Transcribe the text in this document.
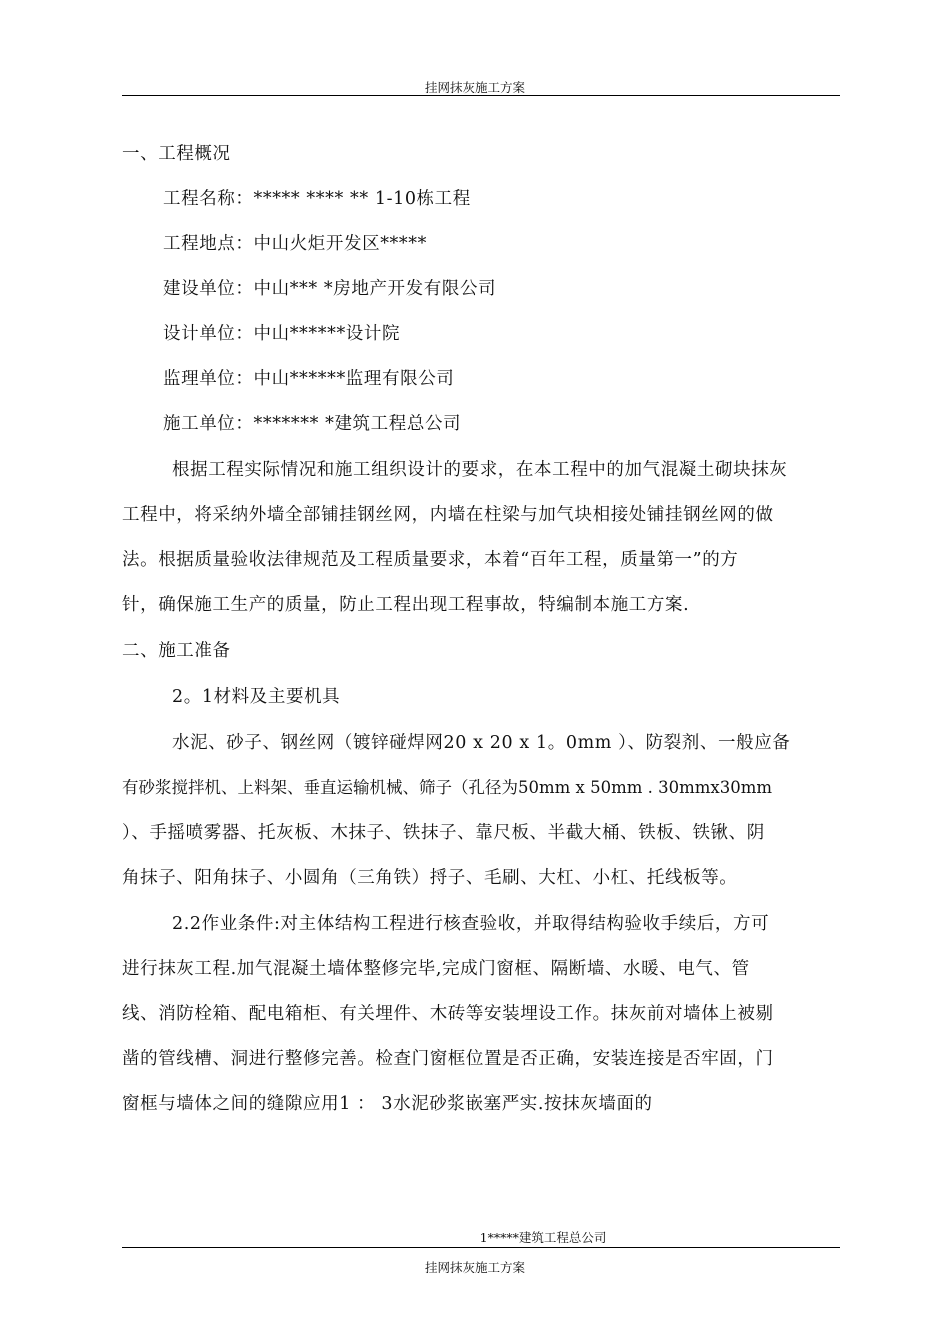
挂网抹灰施工方案
一、工程概况
工程名称：***** **** ** 1-10栋工程
工程地点：中山火炬开发区*****
建设单位：中山*** *房地产开发有限公司
设计单位：中山******设计院
监理单位：中山******监理有限公司
施工单位：******* *建筑工程总公司
根据工程实际情况和施工组织设计的要求，在本工程中的加气混凝土砌块抹灰
工程中，将采纳外墙全部铺挂钢丝网，内墙在柱梁与加气块相接处铺挂钢丝网的做
法。根据质量验收法律规范及工程质量要求，本着“百年工程，质量第一”的方
针，确保施工生产的质量，防止工程出现工程事故，特编制本施工方案.
二、施工准备
2。1材料及主要机具
水泥、砂子、钢丝网（镀锌碰焊网20 x 20 x 1。0mm ）、防裂剂、一般应备
有砂浆搅拌机、上料架、垂直运输机械、筛子（孔径为50mm x 50mm . 30mmx30mm
）、手摇喷雾器、托灰板、木抹子、铁抹子、靠尺板、半截大桶、铁板、铁锹、阴
角抹子、阳角抹子、小圆角（三角铁）捋子、毛刷、大杠、小杠、托线板等。
2.2作业条件:对主体结构工程进行核查验收，并取得结构验收手续后，方可
进行抹灰工程.加气混凝土墙体整修完毕,完成门窗框、隔断墙、水暖、电气、管
线、消防栓箱、配电箱柜、有关埋件、木砖等安装埋设工作。抹灰前对墙体上被剔
凿的管线槽、洞进行整修完善。检查门窗框位置是否正确，安装连接是否牢固，门
窗框与墙体之间的缝隙应用1 ： 3水泥砂浆嵌塞严实.按抹灰墙面的
1*****建筑工程总公司
挂网抹灰施工方案
